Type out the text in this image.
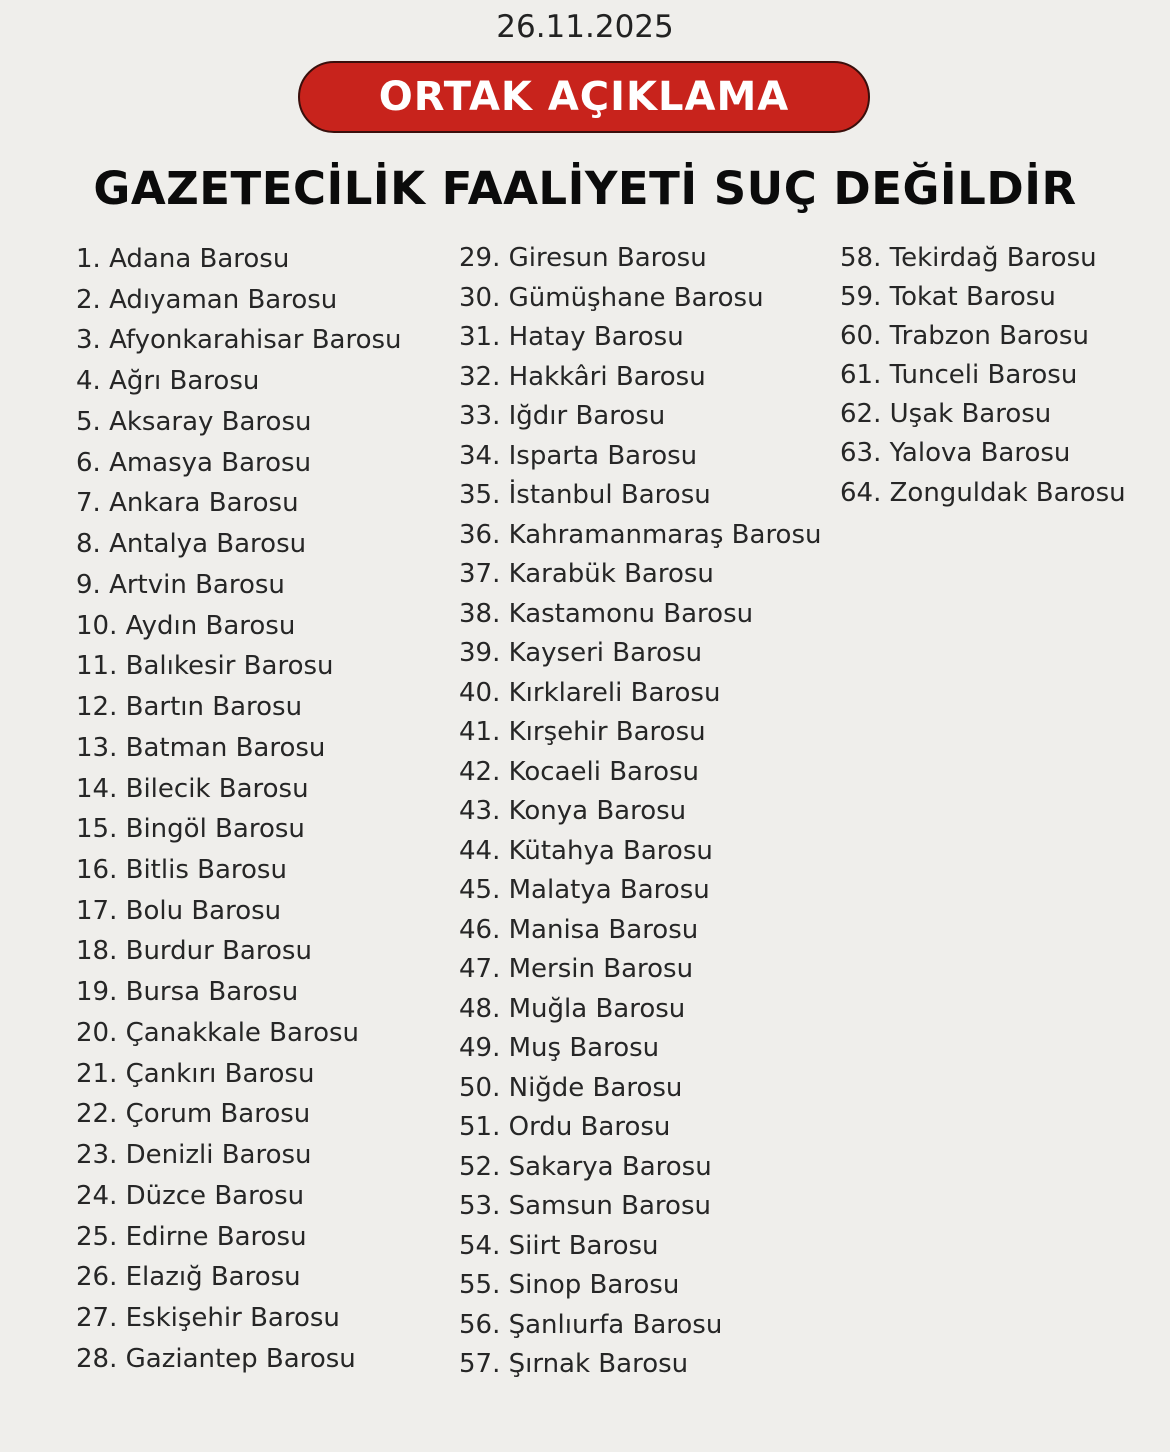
26.11.2025
ORTAK AÇIKLAMA
GAZETECİLİK FAALİYETİ SUÇ DEĞİLDİR
1. Adana Barosu
2. Adıyaman Barosu
3. Afyonkarahisar Barosu
4. Ağrı Barosu
5. Aksaray Barosu
6. Amasya Barosu
7. Ankara Barosu
8. Antalya Barosu
9. Artvin Barosu
10. Aydın Barosu
11. Balıkesir Barosu
12. Bartın Barosu
13. Batman Barosu
14. Bilecik Barosu
15. Bingöl Barosu
16. Bitlis Barosu
17. Bolu Barosu
18. Burdur Barosu
19. Bursa Barosu
20. Çanakkale Barosu
21. Çankırı Barosu
22. Çorum Barosu
23. Denizli Barosu
24. Düzce Barosu
25. Edirne Barosu
26. Elazığ Barosu
27. Eskişehir Barosu
28. Gaziantep Barosu
29. Giresun Barosu
30. Gümüşhane Barosu
31. Hatay Barosu
32. Hakkâri Barosu
33. Iğdır Barosu
34. Isparta Barosu
35. İstanbul Barosu
36. Kahramanmaraş Barosu
37. Karabük Barosu
38. Kastamonu Barosu
39. Kayseri Barosu
40. Kırklareli Barosu
41. Kırşehir Barosu
42. Kocaeli Barosu
43. Konya Barosu
44. Kütahya Barosu
45. Malatya Barosu
46. Manisa Barosu
47. Mersin Barosu
48. Muğla Barosu
49. Muş Barosu
50. Niğde Barosu
51. Ordu Barosu
52. Sakarya Barosu
53. Samsun Barosu
54. Siirt Barosu
55. Sinop Barosu
56. Şanlıurfa Barosu
57. Şırnak Barosu
58. Tekirdağ Barosu
59. Tokat Barosu
60. Trabzon Barosu
61. Tunceli Barosu
62. Uşak Barosu
63. Yalova Barosu
64. Zonguldak Barosu
